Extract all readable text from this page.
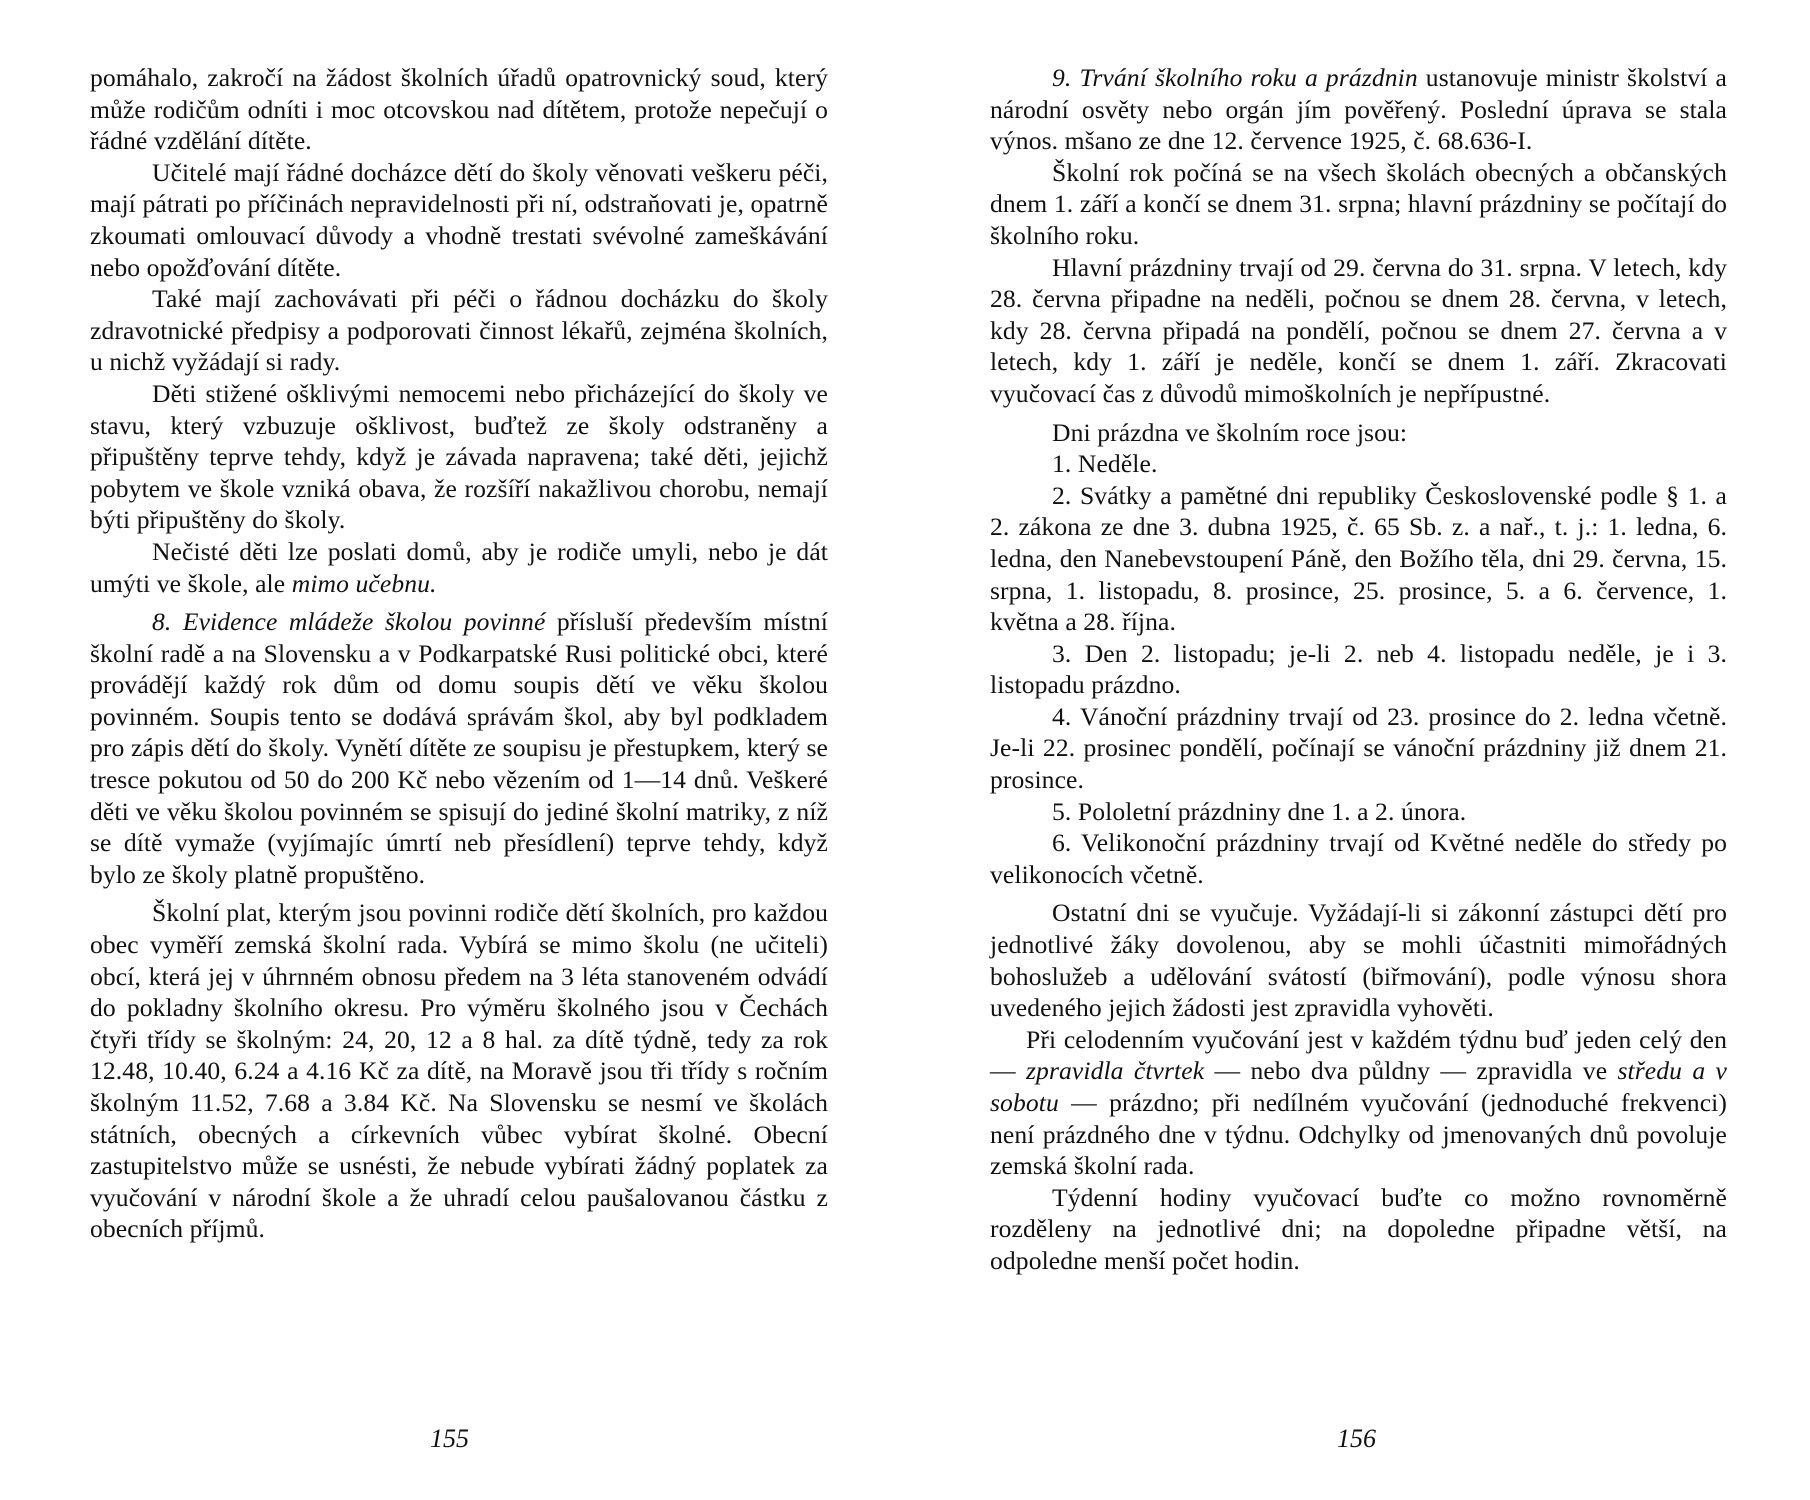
pomáhalo, zakročí na žádost školních úřadů opatrovnický soud, který může rodičům odníti i moc otcovskou nad dítětem, protože nepečují o řádné vzdělání dítěte.

Učitelé mají řádné docházce dětí do školy věnovati veškeru péči, mají pátrati po příčinách nepravidelnosti při ní, odstraňovati je, opatrně zkoumati omlouvací důvody a vhodně trestati svévolné zameškávání nebo opožďování dítěte.

Také mají zachovávati při péči o řádnou docházku do školy zdravotnické předpisy a podporovati činnost lékařů, zejména školních, u nichž vyžádají si rady.

Děti stižené ošklivými nemocemi nebo přicházející do školy ve stavu, který vzbuzuje ošklivost, buďtež ze školy odstraněny a připuštěny teprve tehdy, když je závada napravena; také děti, jejichž pobytem ve škole vzniká obava, že rozšíří nakažlivou chorobu, nemají býti připuštěny do školy.

Nečisté děti lze poslati domů, aby je rodiče umyli, nebo je dát umýti ve škole, ale mimo učebnu.

8. Evidence mládeže školou povinné přísluší především místní školní radě a na Slovensku a v Podkarpatské Rusi politické obci, které provádějí každý rok dům od domu soupis dětí ve věku školou povinném. Soupis tento se dodává správám škol, aby byl podkladem pro zápis dětí do školy. Vynětí dítěte ze soupisu je přestupkem, který se tresce pokutou od 50 do 200 Kč nebo vězením od 1—14 dnů. Veškeré děti ve věku školou povinném se spisují do jediné školní matriky, z níž se dítě vymaže (vyjímajíc úmrtí neb přesídlení) teprve tehdy, když bylo ze školy platně propuštěno.

Školní plat, kterým jsou povinni rodiče dětí školních, pro každou obec vyměří zemská školní rada. Vybírá se mimo školu (ne učiteli) obcí, která jej v úhrnném obnosu předem na 3 léta stanoveném odvádí do pokladny školního okresu. Pro výměru školného jsou v Čechách čtyři třídy se školným: 24, 20, 12 a 8 hal. za dítě týdně, tedy za rok 12.48, 10.40, 6.24 a 4.16 Kč za dítě, na Moravě jsou tři třídy s ročním školným 11.52, 7.68 a 3.84 Kč. Na Slovensku se nesmí ve školách státních, obecných a církevních vůbec vybírat školné. Obecní zastupitelstvo může se usnésti, že nebude vybírati žádný poplatek za vyučování v národní škole a že uhradí celou paušalovanou částku z obecních příjmů.

155

9. Trvání školního roku a prázdnin ustanovuje ministr školství a národní osvěty nebo orgán jím pověřený. Poslední úprava se stala výnos. mšano ze dne 12. července 1925, č. 68.636-I.

Školní rok počíná se na všech školách obecných a občanských dnem 1. září a končí se dnem 31. srpna; hlavní prázdniny se počítají do školního roku.

Hlavní prázdniny trvají od 29. června do 31. srpna. V letech, kdy 28. června připadne na neděli, počnou se dnem 28. června, v letech, kdy 28. června připadá na pondělí, počnou se dnem 27. června a v letech, kdy 1. září je neděle, končí se dnem 1. září. Zkracovati vyučovací čas z důvodů mimoškolních je nepřípustné.

Dni prázdna ve školním roce jsou:

1. Neděle.

2. Svátky a pamětné dni republiky Československé podle § 1. a 2. zákona ze dne 3. dubna 1925, č. 65 Sb. z. a nař., t. j.: 1. ledna, 6. ledna, den Nanebevstoupení Páně, den Božího těla, dni 29. června, 15. srpna, 1. listopadu, 8. prosince, 25. prosince, 5. a 6. července, 1. května a 28. října.

3. Den 2. listopadu; je-li 2. neb 4. listopadu neděle, je i 3. listopadu prázdno.

4. Vánoční prázdniny trvají od 23. prosince do 2. ledna včetně. Je-li 22. prosinec pondělí, počínají se vánoční prázdniny již dnem 21. prosince.

5. Pololetní prázdniny dne 1. a 2. února.

6. Velikonoční prázdniny trvají od Květné neděle do středy po velikonocích včetně.

Ostatní dni se vyučuje. Vyžádají-li si zákonní zástupci dětí pro jednotlivé žáky dovolenou, aby se mohli účastniti mimořádných bohoslužeb a udělování svátostí (biřmování), podle výnosu shora uvedeného jejich žádosti jest zpravidla vyhověti.

Při celodenním vyučování jest v každém týdnu buď jeden celý den — zpravidla čtvrtek — nebo dva půldny — zpravidla ve středu a v sobotu — prázdno; při nedílném vyučování (jednoduché frekvenci) není prázdného dne v týdnu. Odchylky od jmenovaných dnů povoluje zemská školní rada.

Týdenní hodiny vyučovací buďte co možno rovnoměrně rozděleny na jednotlivé dni; na dopoledne připadne větší, na odpoledne menší počet hodin.

156
